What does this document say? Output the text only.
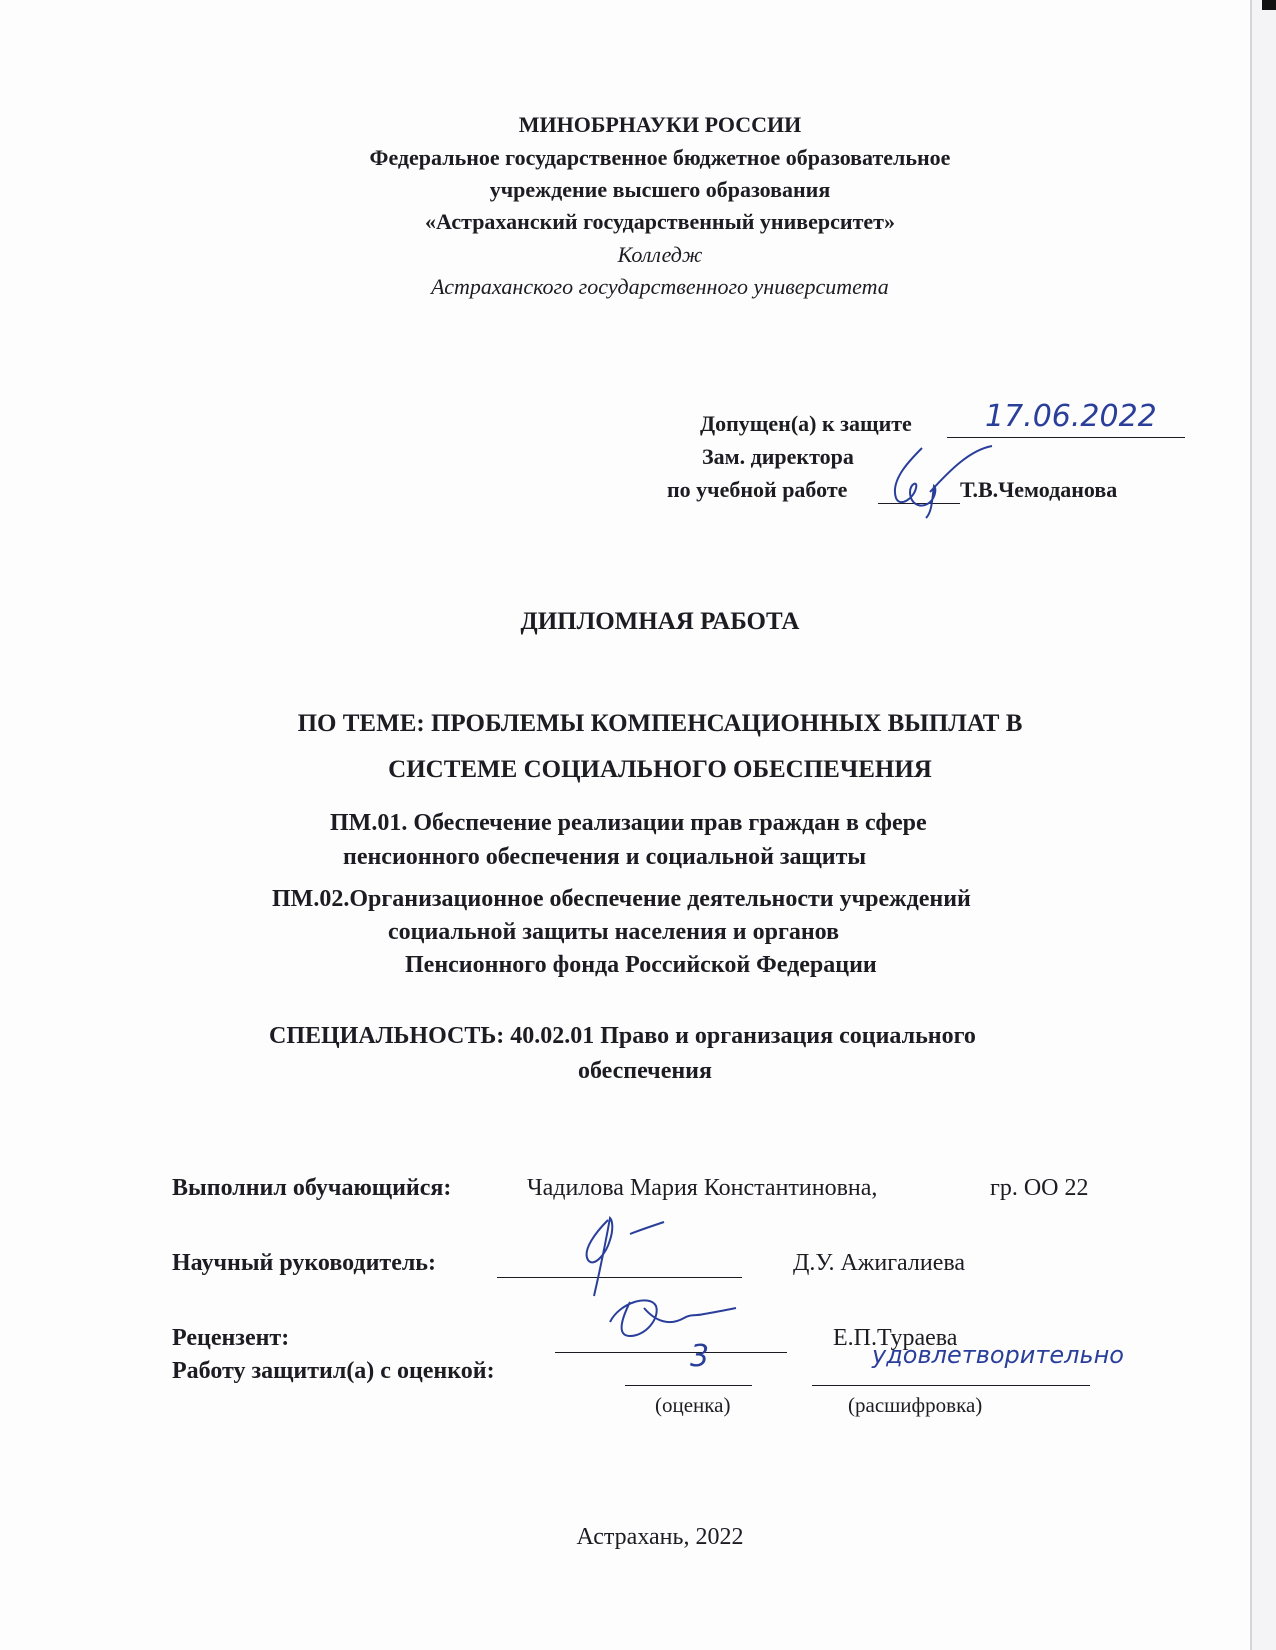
МИНОБРНАУКИ РОССИИ
Федеральное государственное бюджетное образовательное
учреждение высшего образования
«Астраханский государственный университет»
Колледж
Астраханского государственного университета
Допущен(а) к защите 17.06.2022
Зам. директора
по учебной работе	Т.В.Чемоданова
ДИПЛОМНАЯ РАБОТА
ПО ТЕМЕ: ПРОБЛЕМЫ КОМПЕНСАЦИОННЫХ ВЫПЛАТ В
СИСТЕМЕ СОЦИАЛЬНОГО ОБЕСПЕЧЕНИЯ
ПМ.01. Обеспечение реализации прав граждан в сфере
пенсионного обеспечения и социальной защиты
ПМ.02.Организационное обеспечение деятельности учреждений
социальной защиты населения и органов
Пенсионного фонда Российской Федерации
СПЕЦИАЛЬНОСТЬ: 40.02.01 Право и организация социального
обеспечения
Выполнил обучающийся:	Чадилова Мария Константиновна,	гр. ОО 22
Научный руководитель:	Д.У. Ажигалиева
Рецензент:	Е.П.Тураева
Работу защитил(а) с оценкой:	3	удовлетворительно
(оценка)	(расшифровка)
Астрахань, 2022
